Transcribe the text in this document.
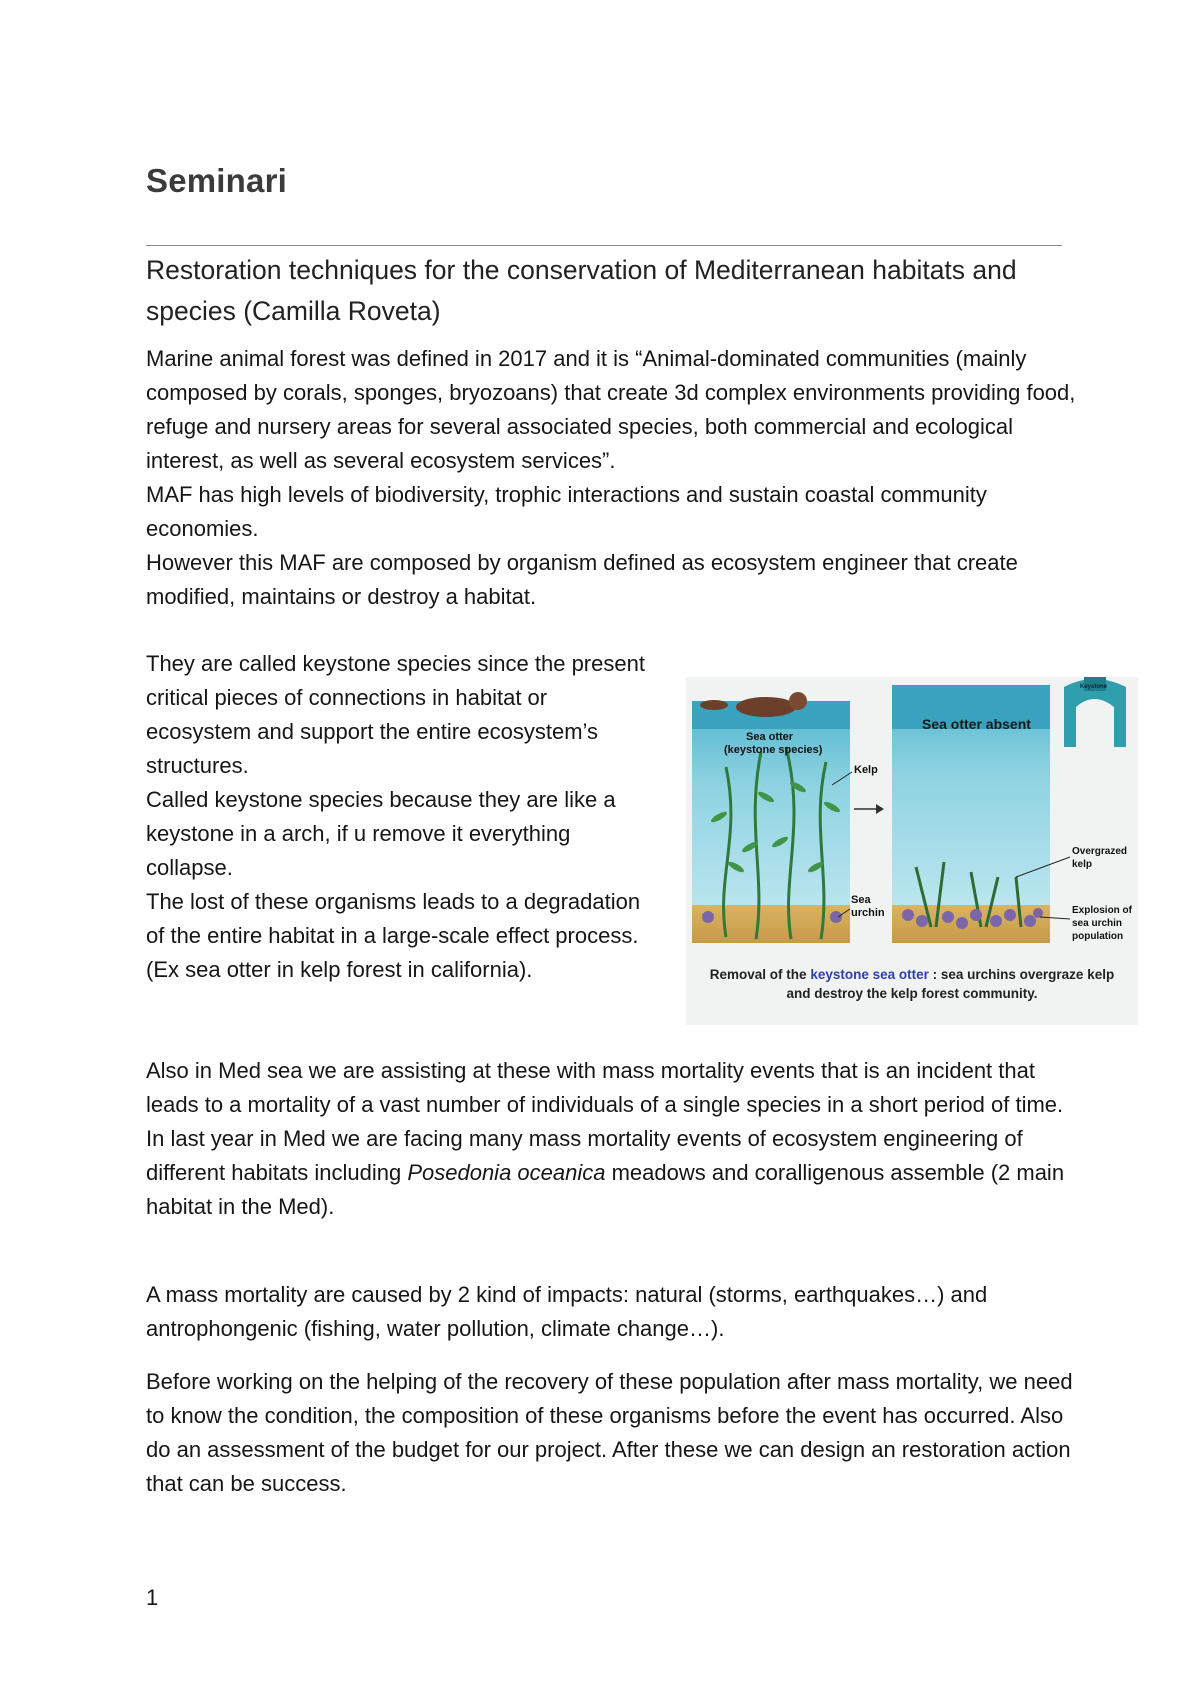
Seminari
Restoration techniques for the conservation of Mediterranean habitats and species (Camilla Roveta)

Marine animal forest was defined in 2017 and it is “Animal-dominated communities (mainly composed by corals, sponges, bryozoans) that create 3d complex environments providing food, refuge and nursery areas for several associated species, both commercial and ecological interest, as well as several ecosystem services”.

MAF has high levels of biodiversity, trophic interactions and sustain coastal community economies.

However this MAF are composed by organism defined as ecosystem engineer that create modified, maintains or destroy a habitat.

They are called keystone species since the present critical pieces of connections in habitat or ecosystem and support the entire ecosystem’s structures.

Called keystone species because they are like a keystone in a arch, if u remove it everything collapse.

The lost of these organisms leads to a degradation of the entire habitat in a large-scale effect process. (Ex sea otter in kelp forest in california).

Sea otter
(keystone species)
Kelp
Sea
urchin
Sea otter absent
Keystone
Overgrazed
kelp
Explosion of
sea urchin
population
Removal of the keystone sea otter : sea urchins overgraze kelp
and destroy the kelp forest community.

Also in Med sea we are assisting at these with mass mortality events that is an incident that leads to a mortality of a vast number of individuals of a single species in a short period of time.

In last year in Med we are facing many mass mortality events of ecosystem engineering of different habitats including Posedonia oceanica meadows and coralligenous assemble (2 main habitat in the Med).

A mass mortality are caused by 2 kind of impacts: natural (storms, earthquakes…) and antrophongenic (fishing, water pollution, climate change…).

Before working on the helping of the recovery of these population after mass mortality, we need to know the condition, the composition of these organisms before the event has occurred. Also do an assessment of the budget for our project. After these we can design an restoration action that can be success.

1
